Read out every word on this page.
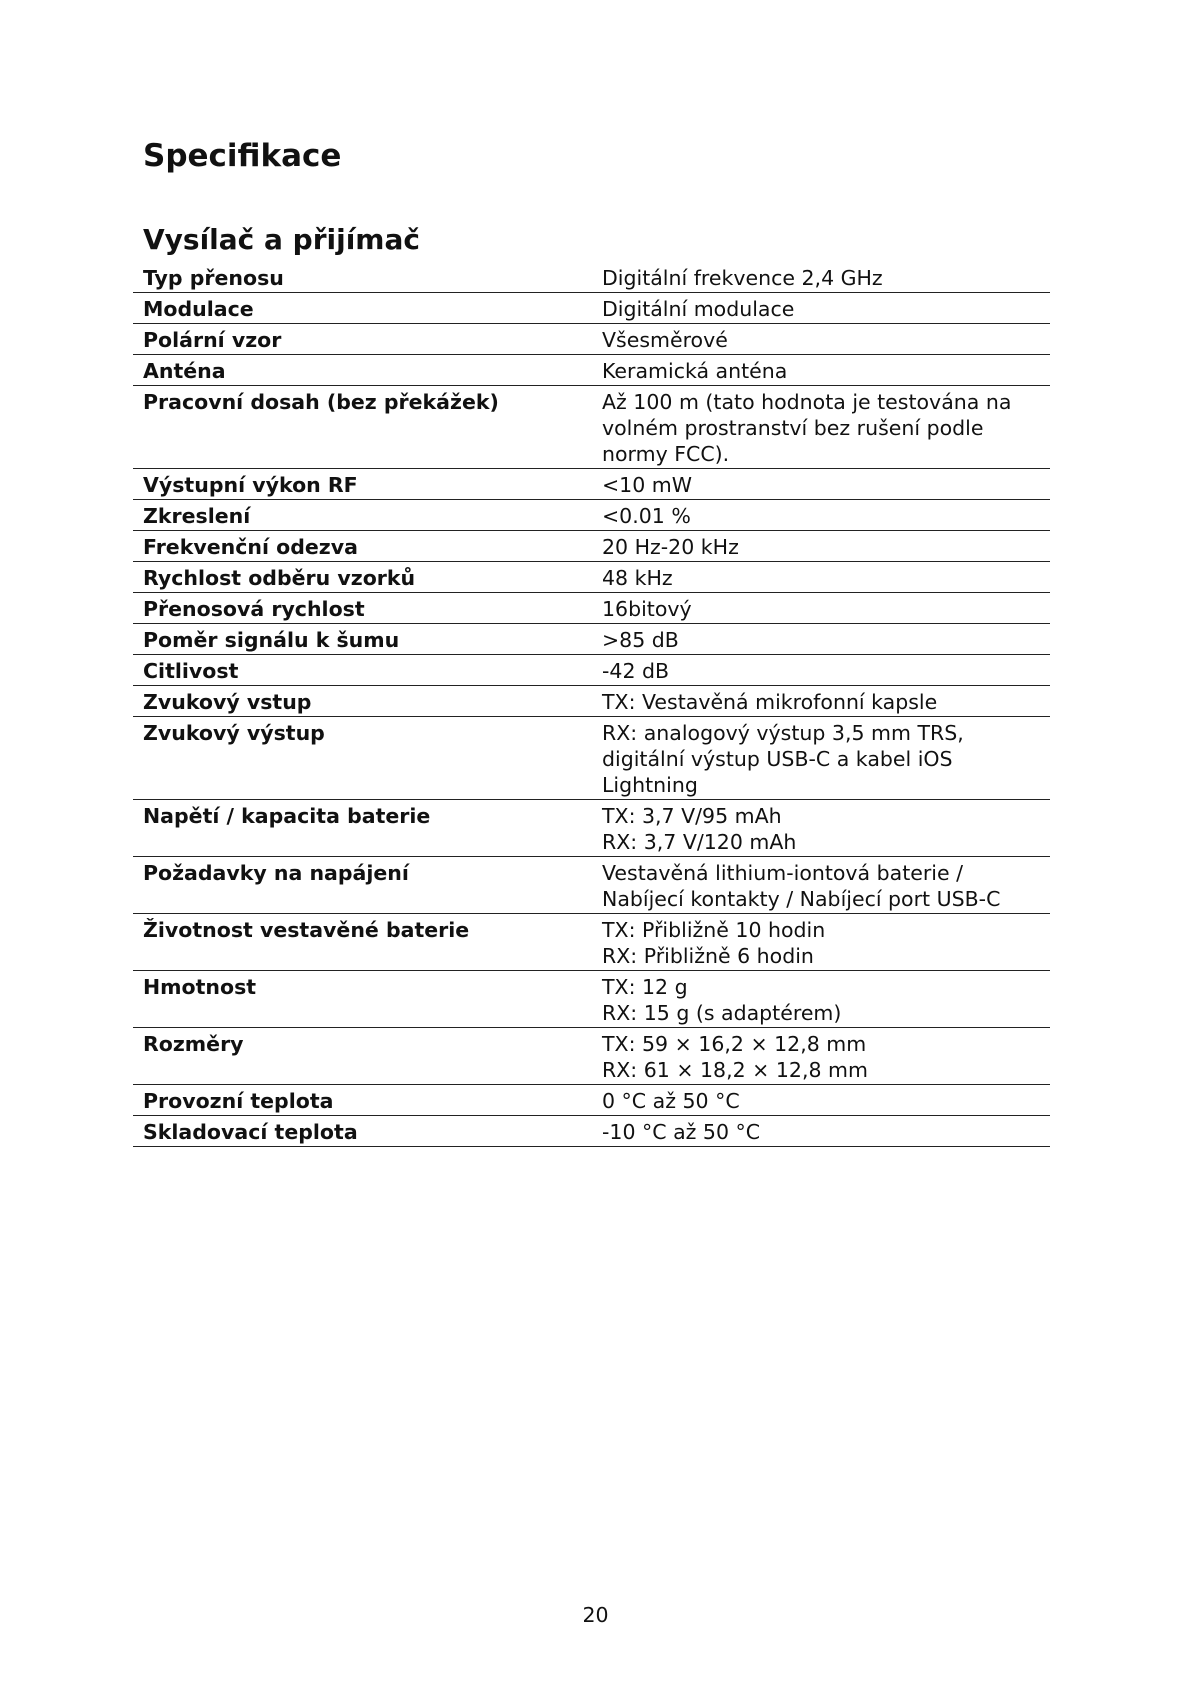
Specifikace
Vysílač a přijímač
Typ přenosu	Digitální frekvence 2,4 GHz
Modulace	Digitální modulace
Polární vzor	Všesměrové
Anténa	Keramická anténa
Pracovní dosah (bez překážek)	Až 100 m (tato hodnota je testována na
volném prostranství bez rušení podle
normy FCC).
Výstupní výkon RF	<10 mW
Zkreslení	<0.01 %
Frekvenční odezva	20 Hz-20 kHz
Rychlost odběru vzorků	48 kHz
Přenosová rychlost	16bitový
Poměr signálu k šumu	>85 dB
Citlivost	-42 dB
Zvukový vstup	TX: Vestavěná mikrofonní kapsle
Zvukový výstup	RX: analogový výstup 3,5 mm TRS,
digitální výstup USB-C a kabel iOS
Lightning
Napětí / kapacita baterie	TX: 3,7 V/95 mAh
RX: 3,7 V/120 mAh
Požadavky na napájení	Vestavěná lithium-iontová baterie /
Nabíjecí kontakty / Nabíjecí port USB-C
Životnost vestavěné baterie	TX: Přibližně 10 hodin
RX: Přibližně 6 hodin
Hmotnost	TX: 12 g
RX: 15 g (s adaptérem)
Rozměry	TX: 59 × 16,2 × 12,8 mm
RX: 61 × 18,2 × 12,8 mm
Provozní teplota	0 °C až 50 °C
Skladovací teplota	-10 °C až 50 °C
20
